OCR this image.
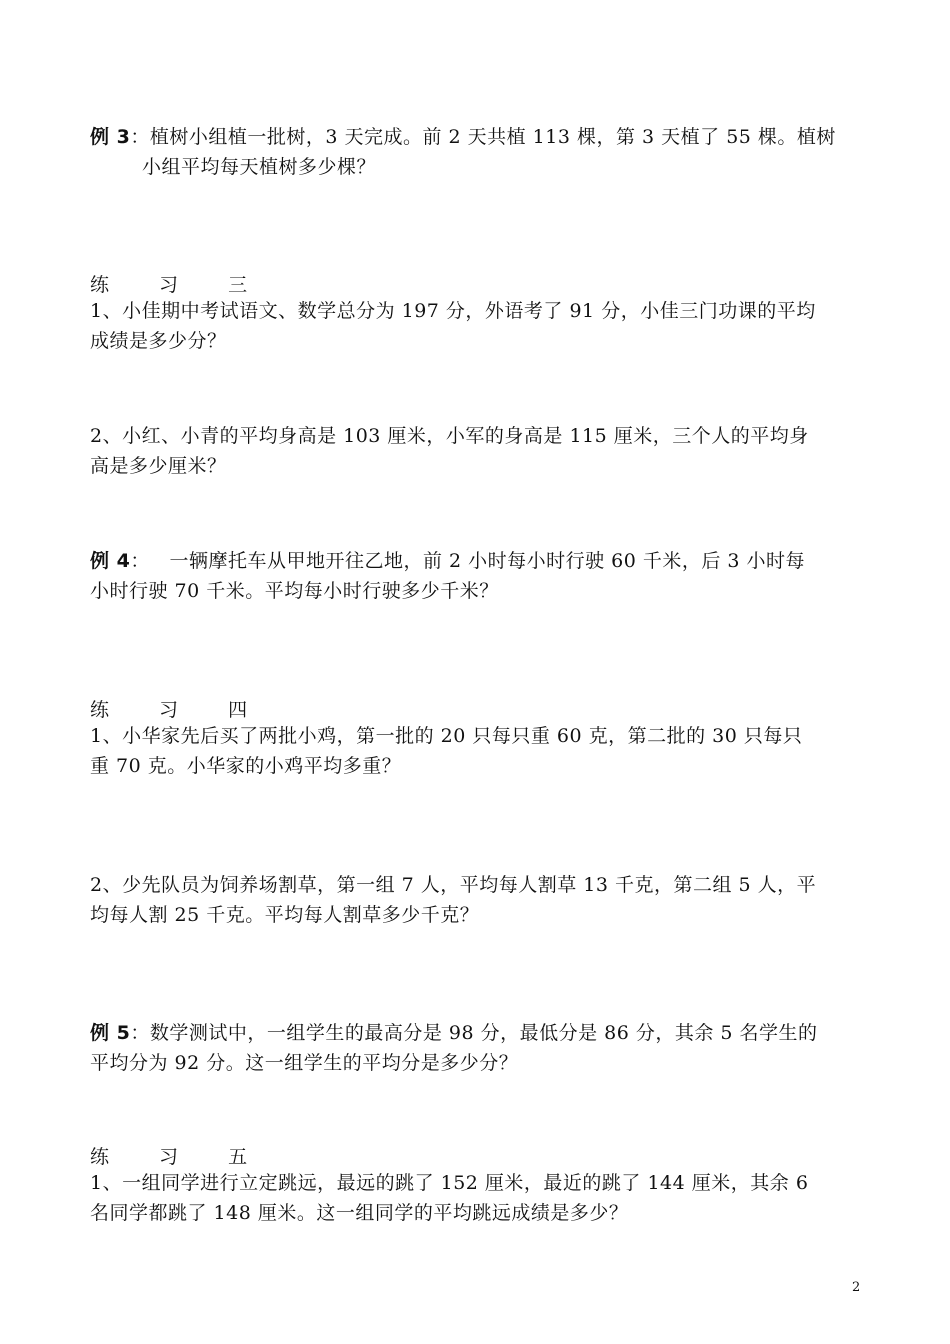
例 3：植树小组植一批树，3 天完成。前 2 天共植 113 棵，第 3 天植了 55 棵。植树
小组平均每天植树多少棵？
练 习 三
1、小佳期中考试语文、数学总分为 197 分，外语考了 91 分，小佳三门功课的平均
成绩是多少分？
2、小红、小青的平均身高是 103 厘米，小军的身高是 115 厘米，三个人的平均身
高是多少厘米？
例 4：   一辆摩托车从甲地开往乙地，前 2 小时每小时行驶 60 千米，后 3 小时每
小时行驶 70 千米。平均每小时行驶多少千米？
练 习 四
1、小华家先后买了两批小鸡，第一批的 20 只每只重 60 克，第二批的 30 只每只
重 70 克。小华家的小鸡平均多重？
2、少先队员为饲养场割草，第一组 7 人，平均每人割草 13 千克，第二组 5 人，平
均每人割 25 千克。平均每人割草多少千克？
例 5：数学测试中，一组学生的最高分是 98 分，最低分是 86 分，其余 5 名学生的
平均分为 92 分。这一组学生的平均分是多少分？
练 习 五
1、一组同学进行立定跳远，最远的跳了 152 厘米，最近的跳了 144 厘米，其余 6
名同学都跳了 148 厘米。这一组同学的平均跳远成绩是多少？
2
